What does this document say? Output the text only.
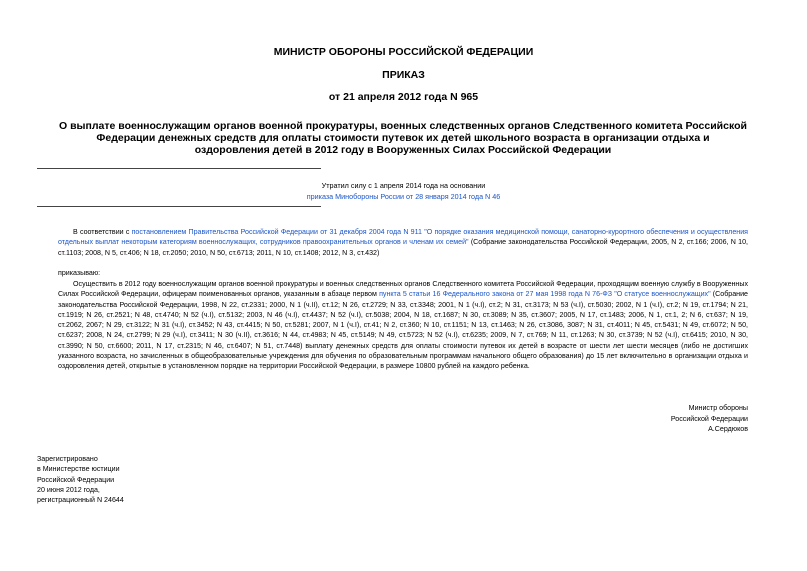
МИНИСТР ОБОРОНЫ РОССИЙСКОЙ ФЕДЕРАЦИИ
ПРИКАЗ
от 21 апреля 2012 года N 965
О выплате военнослужащим органов военной прокуратуры, военных следственных органов Следственного комитета Российской Федерации денежных средств для оплаты стоимости путевок их детей школьного возраста в организации отдыха и оздоровления детей в 2012 году в Вооруженных Силах Российской Федерации
Утратил силу с 1 апреля 2014 года на основании
приказа Минобороны России от 28 января 2014 года N 46
В соответствии с постановлением Правительства Российской Федерации от 31 декабря 2004 года N 911 "О порядке оказания медицинской помощи, санаторно-курортного обеспечения и осуществления отдельных выплат некоторым категориям военнослужащих, сотрудников правоохранительных органов и членам их семей" (Собрание законодательства Российской Федерации, 2005, N 2, ст.166; 2006, N 10, ст.1103; 2008, N 5, ст.406; N 18, ст.2050; 2010, N 50, ст.6713; 2011, N 10, ст.1408; 2012, N 3, ст.432)
приказываю:
Осуществить в 2012 году военнослужащим органов военной прокуратуры и военных следственных органов Следственного комитета Российской Федерации, проходящим военную службу в Вооруженных Силах Российской Федерации, офицерам поименованных органов, указанным в абзаце первом пункта 5 статьи 16 Федерального закона от 27 мая 1998 года N 76-ФЗ "О статусе военнослужащих" (Собрание законодательства Российской Федерации, 1998, N 22, ст.2331; 2000, N 1 (ч.II), ст.12; N 26, ст.2729; N 33, ст.3348; 2001, N 1 (ч.I), ст.2; N 31, ст.3173; N 53 (ч.I), ст.5030; 2002, N 1 (ч.I), ст.2; N 19, ст.1794; N 21, ст.1919; N 26, ст.2521; N 48, ст.4740; N 52 (ч.I), ст.5132; 2003, N 46 (ч.I), ст.4437; N 52 (ч.I), ст.5038; 2004, N 18, ст.1687; N 30, ст.3089; N 35, ст.3607; 2005, N 17, ст.1483; 2006, N 1, ст.1, 2; N 6, ст.637; N 19, ст.2062, 2067; N 29, ст.3122; N 31 (ч.I), ст.3452; N 43, ст.4415; N 50, ст.5281; 2007, N 1 (ч.I), ст.41; N 2, ст.360; N 10, ст.1151; N 13, ст.1463; N 26, ст.3086, 3087; N 31, ст.4011; N 45, ст.5431; N 49, ст.6072; N 50, ст.6237; 2008, N 24, ст.2799; N 29 (ч.I), ст.3411; N 30 (ч.II), ст.3616; N 44, ст.4983; N 45, ст.5149; N 49, ст.5723; N 52 (ч.I), ст.6235; 2009, N 7, ст.769; N 11, ст.1263; N 30, ст.3739; N 52 (ч.I), ст.6415; 2010, N 30, ст.3990; N 50, ст.6600; 2011, N 17, ст.2315; N 46, ст.6407; N 51, ст.7448) выплату денежных средств для оплаты стоимости путевок их детей в возрасте от шести лет шести месяцев (либо не достигших указанного возраста, но зачисленных в общеобразовательные учреждения для обучения по образовательным программам начального общего образования) до 15 лет включительно в организации отдыха и оздоровления детей, открытые в установленном порядке на территории Российской Федерации, в размере 10800 рублей на каждого ребенка.
Министр обороны
Российской Федерации
А.Сердюков
Зарегистрировано
в Министерстве юстиции
Российской Федерации
20 июня 2012 года,
регистрационный N 24644
